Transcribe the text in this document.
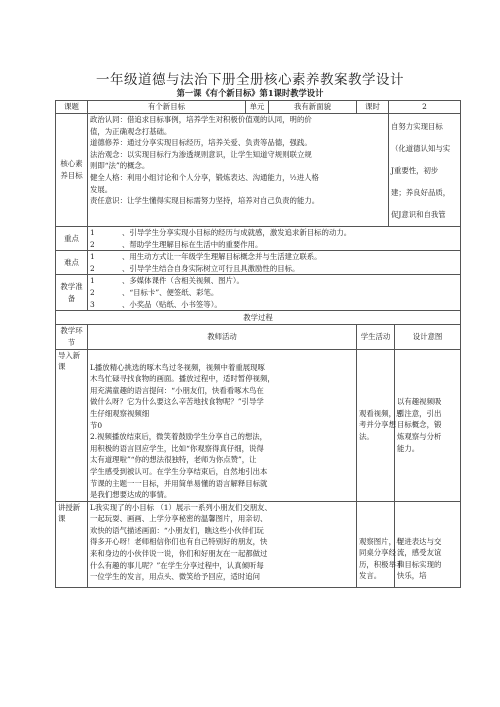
一年级道德与法治下册全册核心素养教案教学设计
第一课《有个新目标》第1课时教学设计
课题	有个新目标	单元	我有新面貌	课时	2

核心素
养目标

政治认同：借追求目标事例，培养学生对积极价值观的认同，明的价
值，为正确观念打基础。
道德修养：通过分享实现目标经历，培养关爱、负责等品德，强践。
法治观念：以实现目标行为渗透规则意识，让学生知道守规则联立规
则即“法”的概念。
健全人格：利用小组讨论和个人分享，锻炼表达、沟通能力，½进人格
发展。
责任意识：让学生懂得实现目标需努力坚持，培养对自己负责的能力。

自努力实现目标
（化道德认知与实
J重要性，初步
建；养良好品质，
促J意识和自我管

重点	
1	、引导学生分享实现小目标的经历与成就感，激发追求新目标的动力。
2	、帮助学生理解目标在生活中的重要作用。

难点	
1	、用生动方式让一年级学生理解目标概念并与生活建立联系。
2	、引导学生结合自身实际树立可行且具激励性的目标。

教学准
备

1	、多媒体课件（含相关视频、图片）。
2	、“目标卡”、便签纸、彩笔。
3	、小奖品（贴纸、小书签等）。

教学过程
教学环节	教师活动	学生活动	设计意图
导入新课	L播放精心挑选的啄木鸟过冬视频，视频中着重展现啄
木鸟忙碌寻找食物的画面。播放过程中，适时暂停视频，
用充满童趣的语言提问：“小朋友们，快看看啄木鸟在
做什么呀？它为什么要这么辛苦地找食物呢？”引导学
生仔细观察视频细
节0
2.视频播放结束后，微笑着鼓励学生分享自己的想法，
用积极的语言回应学生，比如“你观察得真仔细，说得
太有道理啦”“你的想法很独特，老师为你点赞”，让
学生感受到被认可。在学生分享结束后，自然地引出本
节课的主题一一目标，并用简单易懂的语言解释目标就
是我们想要达成的事情。

观看视频，思
考并分享想
法。

以有趣视频吸
引注意，引出
目标概念，锻
炼观察与分析
能力。

讲授新课	
L我实现了的小目标 （1）展示一系列小朋友们交朋友、
一起玩耍、画画、上学分享秘密的温馨图片，用亲切、
欢快的语气描述画面：“小朋友们，瞧这些小伙伴们玩
得多开心呀！老师相信你们也有自己特别好的朋友，快
来和身边的小伙伴说一说，你们和好朋友在一起都做过
什么有趣的事儿呢？”在学生分享过程中，认真倾听每
一位学生的发言，用点头、微笑给予回应，适时追问

观察图片，与
同桌分享经
历，积极举手
发言。

促进表达与交
流，感受友谊
和目标实现的
快乐，培
